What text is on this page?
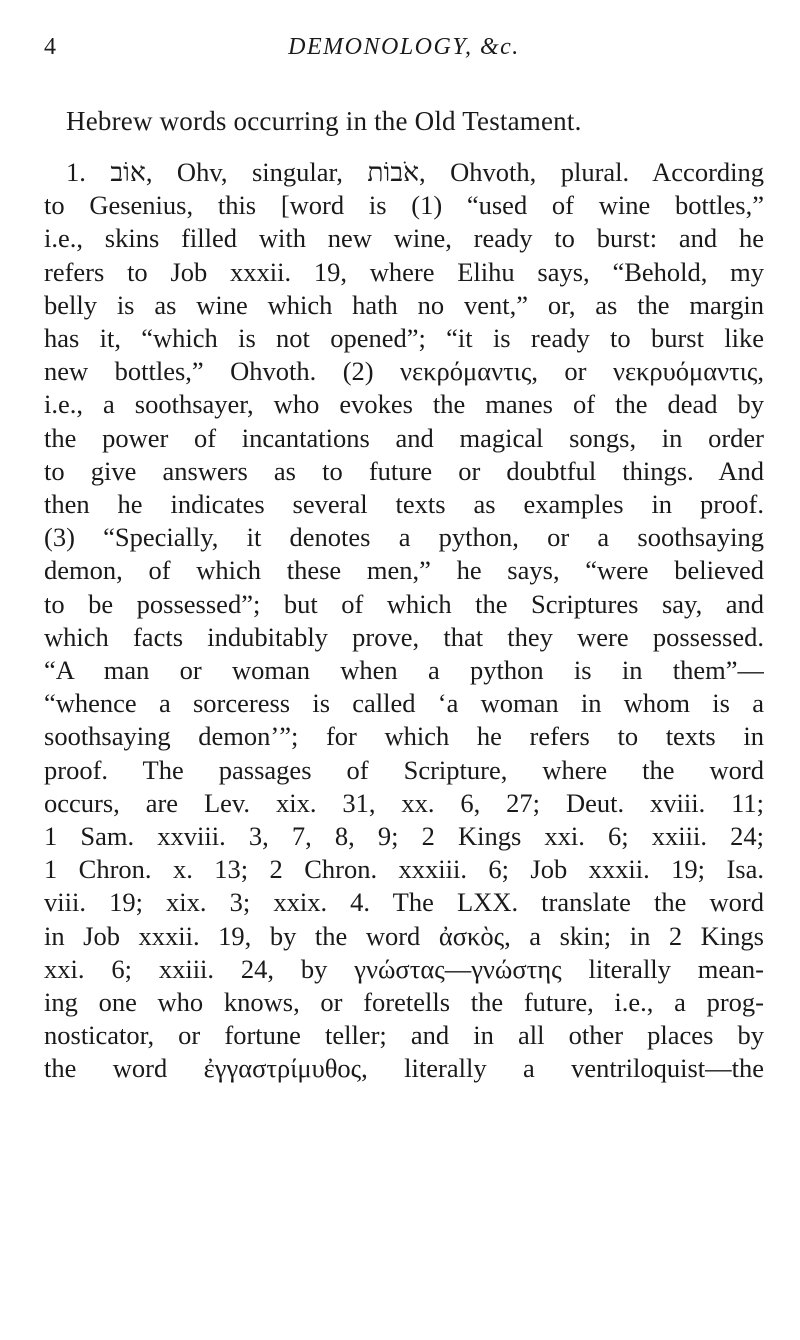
4	DEMONOLOGY, &c.
Hebrew words occurring in the Old Testament.
1. אוֹב, Ohv, singular, אֹבוֹת, Ohvoth, plural. According
to Gesenius, this [word is (1) “used of wine bottles,”
i.e., skins filled with new wine, ready to burst: and he
refers to Job xxxii. 19, where Elihu says, “Behold, my
belly is as wine which hath no vent,” or, as the margin
has it, “which is not opened”; “it is ready to burst like
new bottles,” Ohvoth. (2) νεκρόμαντις, or νεκρυόμαντις,
i.e., a soothsayer, who evokes the manes of the dead by
the power of incantations and magical songs, in order
to give answers as to future or doubtful things. And
then he indicates several texts as examples in proof.
(3) “Specially, it denotes a python, or a soothsaying
demon, of which these men,” he says, “were believed
to be possessed”; but of which the Scriptures say, and
which facts indubitably prove, that they were possessed.
“A man or woman when a python is in them”—
“whence a sorceress is called ‘a woman in whom is a
soothsaying demon’”; for which he refers to texts in
proof. The passages of Scripture, where the word
occurs, are Lev. xix. 31, xx. 6, 27; Deut. xviii. 11;
1 Sam. xxviii. 3, 7, 8, 9; 2 Kings xxi. 6; xxiii. 24;
1 Chron. x. 13; 2 Chron. xxxiii. 6; Job xxxii. 19; Isa.
viii. 19; xix. 3; xxix. 4. The LXX. translate the word
in Job xxxii. 19, by the word ἀσκὸς, a skin; in 2 Kings
xxi. 6; xxiii. 24, by γνώστας—γνώστης literally mean-
ing one who knows, or foretells the future, i.e., a prog-
nosticator, or fortune teller; and in all other places by
the word ἐγγαστρίμυθος, literally a ventriloquist—the
